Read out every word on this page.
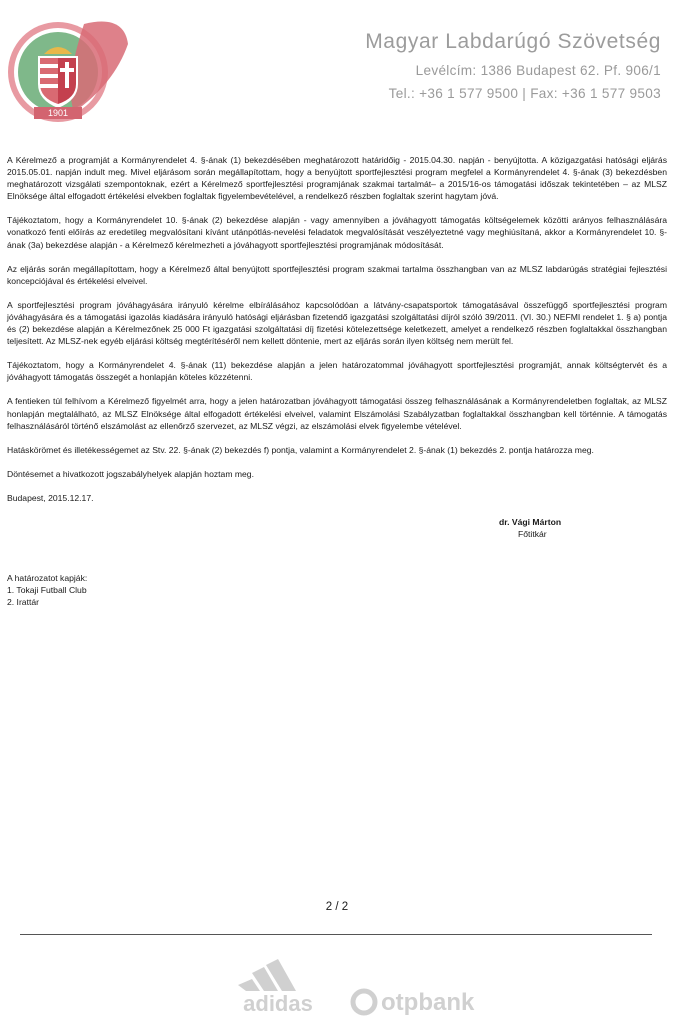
1901
Magyar Labdarúgó Szövetség
Levélcím: 1386 Budapest 62. Pf. 906/1
Tel.: +36 1 577 9500 | Fax: +36 1 577 9503

A Kérelmező a programját a Kormányrendelet 4. §-ának (1) bekezdésében meghatározott határidőig - 2015.04.30. napján - benyújtotta. A közigazgatási hatósági eljárás 2015.05.01. napján indult meg. Mivel eljárásom során megállapítottam, hogy a benyújtott sportfejlesztési program megfelel a Kormányrendelet 4. §-ának (3) bekezdésben meghatározott vizsgálati szempontoknak, ezért a Kérelmező sportfejlesztési programjának szakmai tartalmát– a 2015/16-os támogatási időszak tekintetében – az MLSZ Elnöksége által elfogadott értékelési elvekben foglaltak figyelembevételével, a rendelkező részben foglaltak szerint hagytam jóvá.

Tájékoztatom, hogy a Kormányrendelet 10. §-ának (2) bekezdése alapján - vagy amennyiben a jóváhagyott támogatás költségelemek közötti arányos felhasználására vonatkozó fenti előírás az eredetileg megvalósítani kívánt utánpótlás-nevelési feladatok megvalósítását veszélyeztetné vagy meghiúsítaná, akkor a Kormányrendelet 10. §-ának (3a) bekezdése alapján - a Kérelmező kérelmezheti a jóváhagyott sportfejlesztési programjának módosítását.

Az eljárás során megállapítottam, hogy a Kérelmező által benyújtott sportfejlesztési program szakmai tartalma összhangban van az MLSZ labdarúgás stratégiai fejlesztési koncepciójával és értékelési elveivel.

A sportfejlesztési program jóváhagyására irányuló kérelme elbírálásához kapcsolódóan a látvány-csapatsportok támogatásával összefüggő sportfejlesztési program jóváhagyására és a támogatási igazolás kiadására irányuló hatósági eljárásban fizetendő igazgatási szolgáltatási díjról szóló 39/2011. (VI. 30.) NEFMI rendelet 1. § a) pontja és (2) bekezdése alapján a Kérelmezőnek 25 000 Ft igazgatási szolgáltatási díj fizetési kötelezettsége keletkezett, amelyet a rendelkező részben foglaltakkal összhangban teljesített. Az MLSZ-nek egyéb eljárási költség megtérítéséről nem kellett döntenie, mert az eljárás során ilyen költség nem merült fel.

Tájékoztatom, hogy a Kormányrendelet 4. §-ának (11) bekezdése alapján a jelen határozatommal jóváhagyott sportfejlesztési programját, annak költségtervét és a jóváhagyott támogatás összegét a honlapján köteles közzétenni.

A fentieken túl felhívom a Kérelmező figyelmét arra, hogy a jelen határozatban jóváhagyott támogatási összeg felhasználásának a Kormányrendeletben foglaltak, az MLSZ honlapján megtalálható, az MLSZ Elnöksége által elfogadott értékelési elveivel, valamint Elszámolási Szabályzatban foglaltakkal összhangban kell történnie. A támogatás felhasználásáról történő elszámolást az ellenőrző szervezet, az MLSZ végzi, az elszámolási elvek figyelembe vételével.

Hatáskörömet és illetékességemet az Stv. 22. §-ának (2) bekezdés f) pontja, valamint a Kormányrendelet 2. §-ának (1) bekezdés 2. pontja határozza meg.

Döntésemet a hivatkozott jogszabályhelyek alapján hoztam meg.

Budapest, 2015.12.17.

dr. Vági Márton
Főtitkár
A határozatot kapják:
1. Tokaji Futball Club
2. Irattár
2 / 2
adidas	otpbank
